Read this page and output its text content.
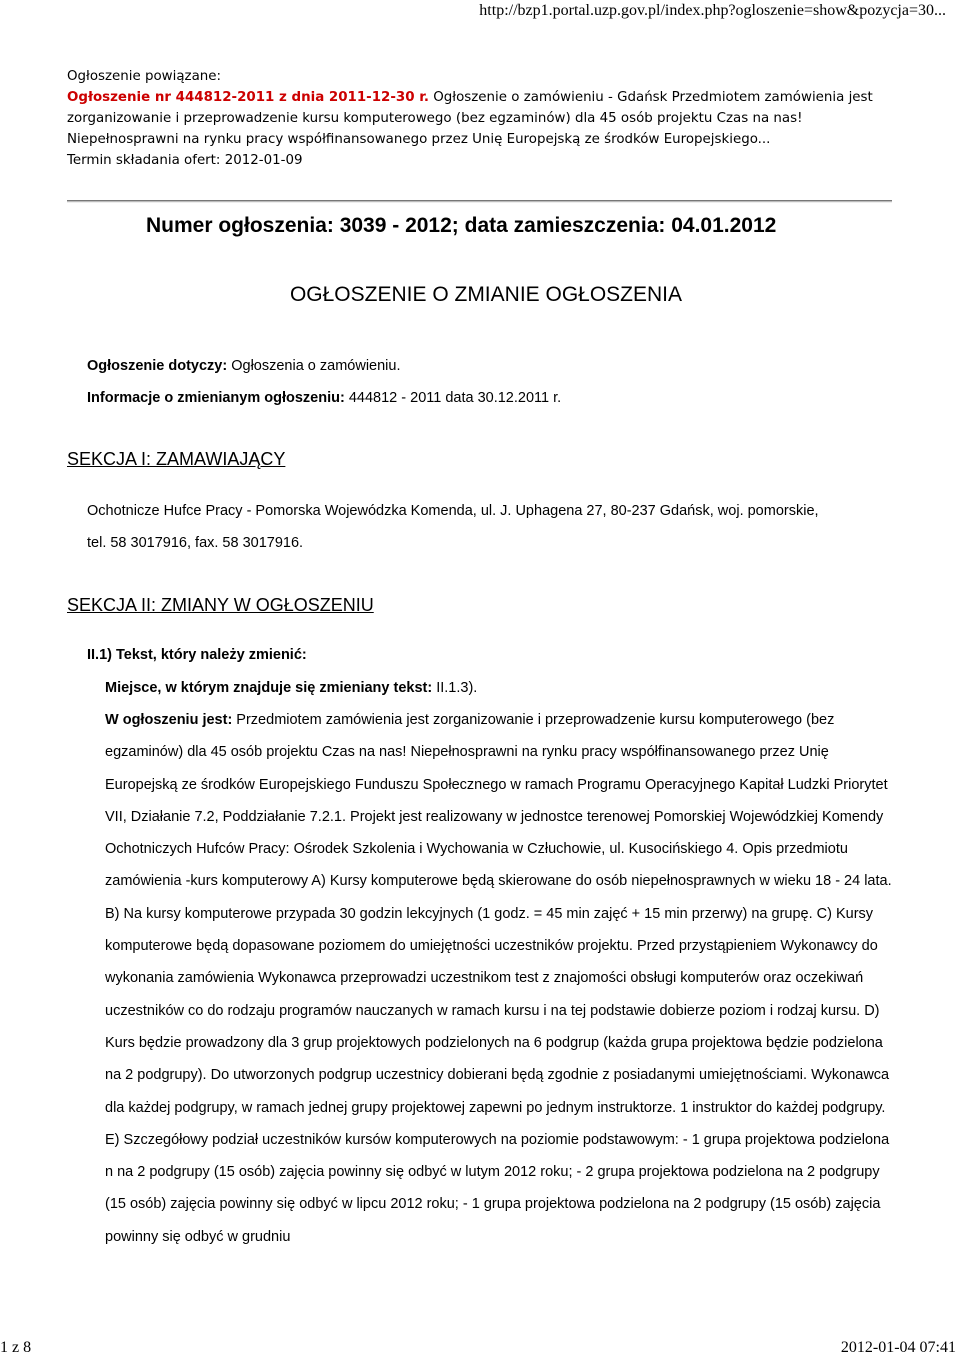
http://bzp1.portal.uzp.gov.pl/index.php?ogloszenie=show&pozycja=30...
Ogłoszenie powiązane:
Ogłoszenie nr 444812-2011 z dnia 2011-12-30 r. Ogłoszenie o zamówieniu - Gdańsk Przedmiotem zamówienia jest zorganizowanie i przeprowadzenie kursu komputerowego (bez egzaminów) dla 45 osób projektu Czas na nas! Niepełnosprawni na rynku pracy współfinansowanego przez Unię Europejską ze środków Europejskiego...
Termin składania ofert: 2012-01-09
Numer ogłoszenia: 3039 - 2012; data zamieszczenia: 04.01.2012
OGŁOSZENIE O ZMIANIE OGŁOSZENIA
Ogłoszenie dotyczy: Ogłoszenia o zamówieniu.
Informacje o zmienianym ogłoszeniu: 444812 - 2011 data 30.12.2011 r.
SEKCJA I: ZAMAWIAJĄCY
Ochotnicze Hufce Pracy - Pomorska Wojewódzka Komenda, ul. J. Uphagena 27, 80-237 Gdańsk, woj. pomorskie,
tel. 58 3017916, fax. 58 3017916.
SEKCJA II: ZMIANY W OGŁOSZENIU
II.1) Tekst, który należy zmienić:
Miejsce, w którym znajduje się zmieniany tekst: II.1.3).

W ogłoszeniu jest: Przedmiotem zamówienia jest zorganizowanie i przeprowadzenie kursu komputerowego (bez egzaminów) dla 45 osób projektu Czas na nas! Niepełnosprawni na rynku pracy współfinansowanego przez Unię Europejską ze środków Europejskiego Funduszu Społecznego w ramach Programu Operacyjnego Kapitał Ludzki Priorytet VII, Działanie 7.2, Poddziałanie 7.2.1. Projekt jest realizowany w jednostce terenowej Pomorskiej Wojewódzkiej Komendy Ochotniczych Hufców Pracy: Ośrodek Szkolenia i Wychowania w Człuchowie, ul. Kusocińskiego 4. Opis przedmiotu zamówienia -kurs komputerowy A) Kursy komputerowe będą skierowane do osób niepełnosprawnych w wieku 18 - 24 lata. B) Na kursy komputerowe przypada 30 godzin lekcyjnych (1 godz. = 45 min zajęć + 15 min przerwy) na grupę. C) Kursy komputerowe będą dopasowane poziomem do umiejętności uczestników projektu. Przed przystąpieniem Wykonawcy do wykonania zamówienia Wykonawca przeprowadzi uczestnikom test z znajomości obsługi komputerów oraz oczekiwań uczestników co do rodzaju programów nauczanych w ramach kursu i na tej podstawie dobierze poziom i rodzaj kursu. D) Kurs będzie prowadzony dla 3 grup projektowych podzielonych na 6 podgrup (każda grupa projektowa będzie podzielona na 2 podgrupy). Do utworzonych podgrup uczestnicy dobierani będą zgodnie z posiadanymi umiejętnościami. Wykonawca dla każdej podgrupy, w ramach jednej grupy projektowej zapewni po jednym instruktorze. 1 instruktor do każdej podgrupy. E) Szczegółowy podział uczestników kursów komputerowych na poziomie podstawowym: - 1 grupa projektowa podzielona n na 2 podgrupy (15 osób) zajęcia powinny się odbyć w lutym 2012 roku; - 2 grupa projektowa podzielona na 2 podgrupy (15 osób) zajęcia powinny się odbyć w lipcu 2012 roku; - 1 grupa projektowa podzielona na 2 podgrupy (15 osób) zajęcia powinny się odbyć w grudniu

1 z 8	2012-01-04 07:41
